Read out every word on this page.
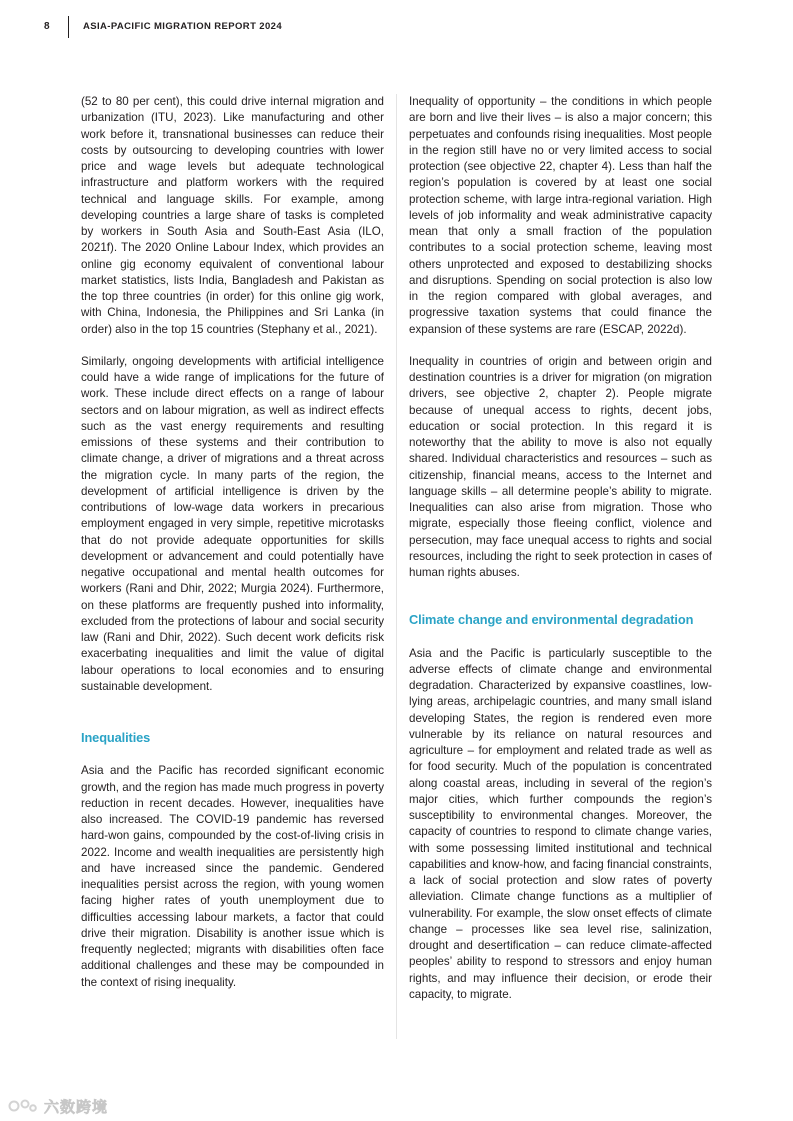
8	ASIA-PACIFIC MIGRATION REPORT 2024

(52 to 80 per cent), this could drive internal migration and urbanization (ITU, 2023). Like manufacturing and other work before it, transnational businesses can reduce their costs by outsourcing to developing countries with lower price and wage levels but adequate technological infrastructure and platform workers with the required technical and language skills. For example, among developing countries a large share of tasks is completed by workers in South Asia and South-East Asia (ILO, 2021f). The 2020 Online Labour Index, which provides an online gig economy equivalent of conventional labour market statistics, lists India, Bangladesh and Pakistan as the top three countries (in order) for this online gig work, with China, Indonesia, the Philippines and Sri Lanka (in order) also in the top 15 countries (Stephany et al., 2021).

Similarly, ongoing developments with artificial intelligence could have a wide range of implications for the future of work. These include direct effects on a range of labour sectors and on labour migration, as well as indirect effects such as the vast energy requirements and resulting emissions of these systems and their contribution to climate change, a driver of migrations and a threat across the migration cycle. In many parts of the region, the development of artificial intelligence is driven by the contributions of low-wage data workers in precarious employment engaged in very simple, repetitive microtasks that do not provide adequate opportunities for skills development or advancement and could potentially have negative occupational and mental health outcomes for workers (Rani and Dhir, 2022; Murgia 2024). Furthermore, on these platforms are frequently pushed into informality, excluded from the protections of labour and social security law (Rani and Dhir, 2022). Such decent work deficits risk exacerbating inequalities and limit the value of digital labour operations to local economies and to ensuring sustainable development.

Inequalities

Asia and the Pacific has recorded significant economic growth, and the region has made much progress in poverty reduction in recent decades. However, inequalities have also increased. The COVID-19 pandemic has reversed hard-won gains, compounded by the cost-of-living crisis in 2022. Income and wealth inequalities are persistently high and have increased since the pandemic. Gendered inequalities persist across the region, with young women facing higher rates of youth unemployment due to difficulties accessing labour markets, a factor that could drive their migration. Disability is another issue which is frequently neglected; migrants with disabilities often face additional challenges and these may be compounded in the context of rising inequality.

Inequality of opportunity – the conditions in which people are born and live their lives – is also a major concern; this perpetuates and confounds rising inequalities. Most people in the region still have no or very limited access to social protection (see objective 22, chapter 4). Less than half the region’s population is covered by at least one social protection scheme, with large intra-regional variation. High levels of job informality and weak administrative capacity mean that only a small fraction of the population contributes to a social protection scheme, leaving most others unprotected and exposed to destabilizing shocks and disruptions. Spending on social protection is also low in the region compared with global averages, and progressive taxation systems that could finance the expansion of these systems are rare (ESCAP, 2022d).

Inequality in countries of origin and between origin and destination countries is a driver for migration (on migration drivers, see objective 2, chapter 2). People migrate because of unequal access to rights, decent jobs, education or social protection. In this regard it is noteworthy that the ability to move is also not equally shared. Individual characteristics and resources – such as citizenship, financial means, access to the Internet and language skills – all determine people’s ability to migrate. Inequalities can also arise from migration. Those who migrate, especially those fleeing conflict, violence and persecution, may face unequal access to rights and social resources, including the right to seek protection in cases of human rights abuses.

Climate change and environmental degradation

Asia and the Pacific is particularly susceptible to the adverse effects of climate change and environmental degradation. Characterized by expansive coastlines, low-lying areas, archipelagic countries, and many small island developing States, the region is rendered even more vulnerable by its reliance on natural resources and agriculture – for employment and related trade as well as for food security. Much of the population is concentrated along coastal areas, including in several of the region’s major cities, which further compounds the region’s susceptibility to environmental changes. Moreover, the capacity of countries to respond to climate change varies, with some possessing limited institutional and technical capabilities and know-how, and facing financial constraints, a lack of social protection and slow rates of poverty alleviation. Climate change functions as a multiplier of vulnerability. For example, the slow onset effects of climate change – processes like sea level rise, salinization, drought and desertification – can reduce climate-affected peoples’ ability to respond to stressors and enjoy human rights, and may influence their decision, or erode their capacity, to migrate.

六数跨境
